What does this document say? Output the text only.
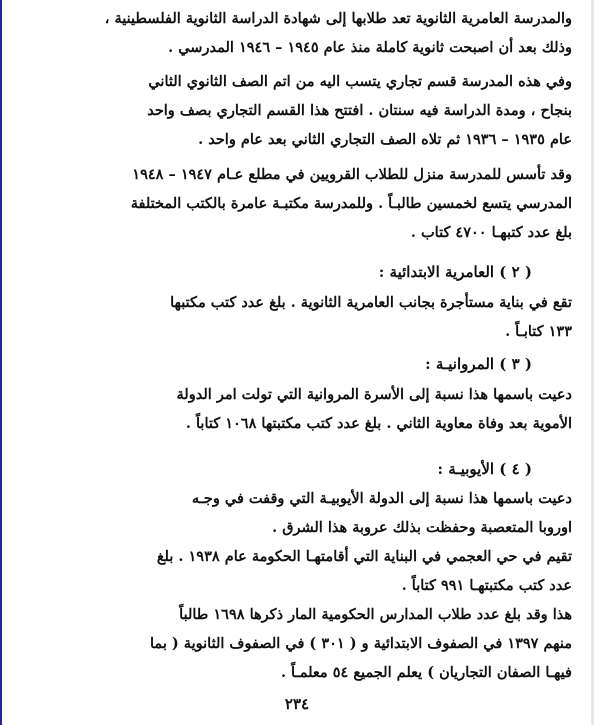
والمدرسة العامرية الثانوية تعد طلابها إلى شهادة الدراسة الثانوية الفلسطينية ،
وذلك بعد أن اصبحت ثانوية كاملة منذ عام ١٩٤٥ – ١٩٤٦ المدرسي .

وفي هذه المدرسة قسم تجاري يتسب اليه من اتم الصف الثانوي الثاني
بنجاح ، ومدة الدراسة فيه سنتان . افتتح هذا القسم التجاري بصف واحد
عام ١٩٣٥ – ١٩٣٦ ثم تلاه الصف التجاري الثاني بعد عام واحد .

وقد تأسس للمدرسة منزل للطلاب القرويين في مطلع عـام ١٩٤٧ – ١٩٤٨
المدرسي يتسع لخمسين طالبـاً . وللمدرسة مكتبـة عامرة بالكتب المختلفة
بلغ عدد كتبهـا ٤٧٠٠ كتاب .

( ٢ ) العامرية الابتدائية :

تقع في بناية مستأجرة بجانب العامرية الثانوية . بلغ عدد كتب مكتبها
١٣٣ كتابـاً .

( ٣ ) المروانيـة :

دعيت باسمها هذا نسبة إلى الأسرة المروانية التي تولت امر الدولة
الأموية بعد وفاة معاوية الثاني . بلغ عدد كتب مكتبتها ١٠٦٨ كتاباً .

( ٤ ) الأيوبيـة :

دعيت باسمها هذا نسبة إلى الدولة الأيوبيـة التي وقفت في وجـه
اوروبا المتعصبة وحفظت بذلك عروبة هذا الشرق .

تقيم في حي العجمي في البناية التي أقامتهـا الحكومة عام ١٩٣٨ . بلغ
عدد كتب مكتبتهـا ٩٩١ كتاباً .

هذا وقد بلغ عدد طلاب المدارس الحكومية المار ذكرها ١٦٩٨ طالباً
منهم ١٣٩٧ في الصفوف الابتدائية و ( ٣٠١ ) في الصفوف الثانوية ( بما
فيهـا الصفان التجاريان ) يعلم الجميع ٥٤ معلمـاً .

٢٣٤
